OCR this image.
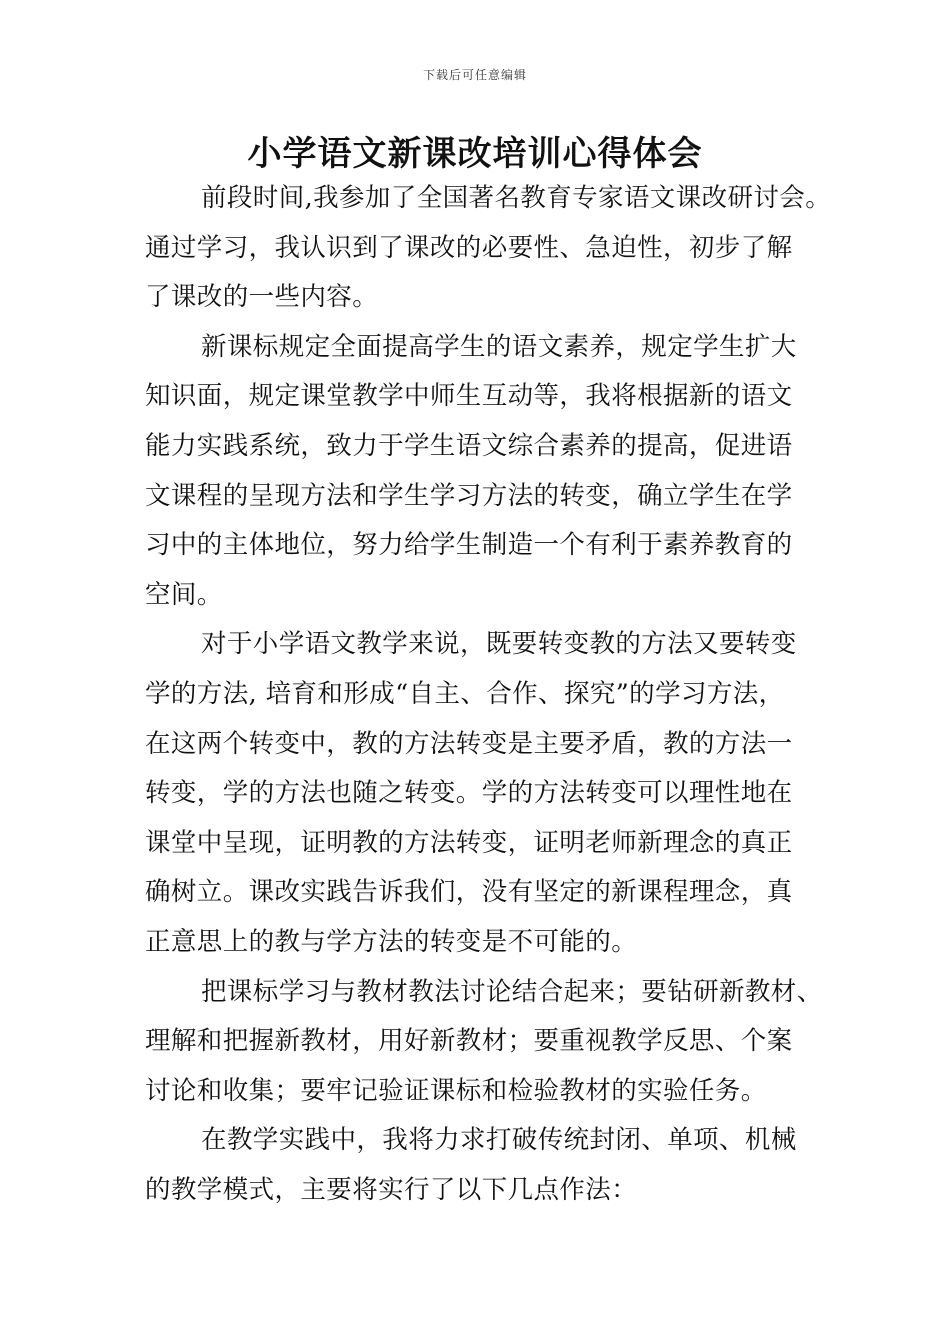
下载后可任意编辑
小学语文新课改培训心得体会
前段时间,我参加了全国著名教育专家语文课改研讨会。
通过学习，我认识到了课改的必要性、急迫性，初步了解
了课改的一些内容。
新课标规定全面提高学生的语文素养，规定学生扩大
知识面，规定课堂教学中师生互动等，我将根据新的语文
能力实践系统，致力于学生语文综合素养的提高，促进语
文课程的呈现方法和学生学习方法的转变，确立学生在学
习中的主体地位，努力给学生制造一个有利于素养教育的
空间。
对于小学语文教学来说，既要转变教的方法又要转变
学的方法, 培育和形成“自主、合作、探究”的学习方法，
在这两个转变中，教的方法转变是主要矛盾，教的方法一
转变，学的方法也随之转变。学的方法转变可以理性地在
课堂中呈现，证明教的方法转变，证明老师新理念的真正
确树立。课改实践告诉我们，没有坚定的新课程理念，真
正意思上的教与学方法的转变是不可能的。
把课标学习与教材教法讨论结合起来；要钻研新教材、
理解和把握新教材，用好新教材；要重视教学反思、个案
讨论和收集；要牢记验证课标和检验教材的实验任务。
在教学实践中，我将力求打破传统封闭、单项、机械
的教学模式，主要将实行了以下几点作法：
